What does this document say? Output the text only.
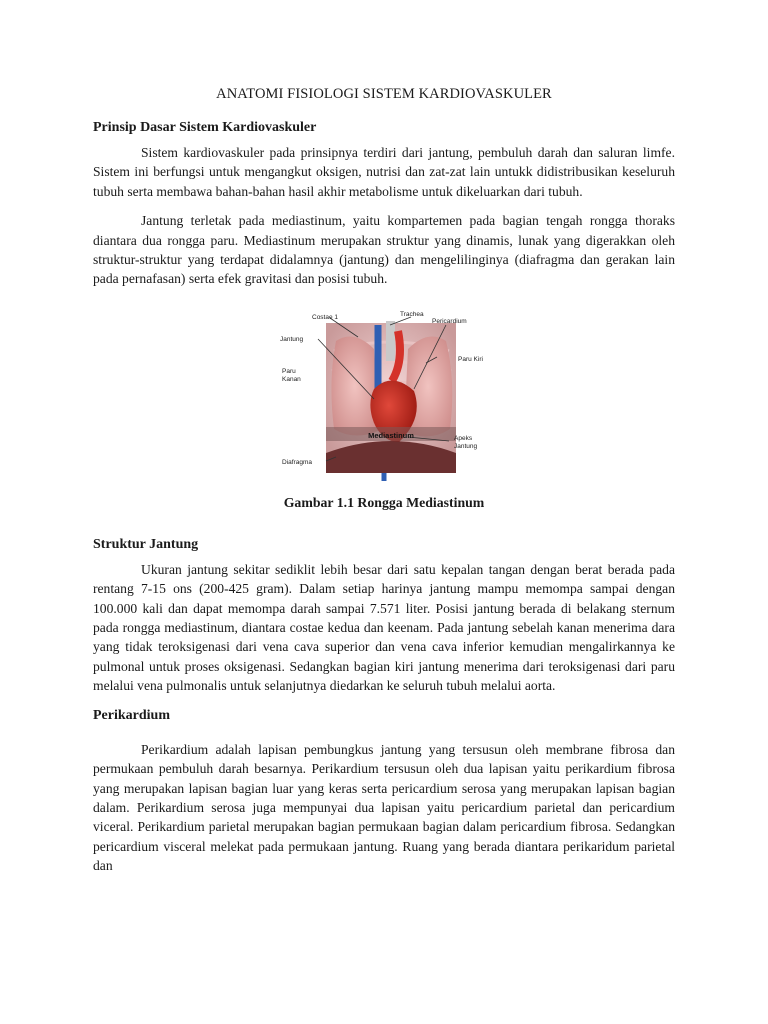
ANATOMI FISIOLOGI SISTEM KARDIOVASKULER
Prinsip Dasar Sistem Kardiovaskuler

Sistem kardiovaskuler pada prinsipnya terdiri dari jantung, pembuluh darah dan saluran limfe. Sistem ini berfungsi untuk mengangkut oksigen, nutrisi dan zat-zat lain untukk didistribusikan keseluruh tubuh serta membawa bahan-bahan hasil akhir metabolisme untuk dikeluarkan dari tubuh.

Jantung terletak pada mediastinum, yaitu kompartemen pada bagian tengah rongga thoraks diantara dua rongga paru. Mediastinum merupakan struktur yang dinamis, lunak yang digerakkan oleh struktur-struktur yang terdapat didalamnya (jantung) dan mengelilinginya (diafragma dan gerakan lain pada pernafasan) serta efek gravitasi dan posisi tubuh.

Costae 1	Trachea
Pericardium
Jantung
Paru
Kanan
Paru Kiri
Apeks
Jantung
Diafragma
Mediastinum
Gambar 1.1 Rongga Mediastinum
Struktur Jantung

Ukuran jantung sekitar sediklit lebih besar dari satu kepalan tangan dengan berat berada pada rentang 7-15 ons (200-425 gram). Dalam setiap harinya jantung mampu memompa sampai dengan 100.000 kali dan dapat memompa darah sampai 7.571 liter. Posisi jantung berada di belakang sternum pada rongga mediastinum, diantara costae kedua dan keenam. Pada jantung sebelah kanan menerima dara yang tidak teroksigenasi dari vena cava superior dan vena cava inferior kemudian mengalirkannya ke pulmonal untuk proses oksigenasi. Sedangkan bagian kiri jantung menerima dari teroksigenasi dari paru melalui vena pulmonalis untuk selanjutnya diedarkan ke seluruh tubuh melalui aorta.

Perikardium

Perikardium adalah lapisan pembungkus jantung yang tersusun oleh membrane fibrosa dan permukaan pembuluh darah besarnya. Perikardium tersusun oleh dua lapisan yaitu perikardium fibrosa yang merupakan lapisan bagian luar yang keras serta pericardium serosa yang merupakan lapisan bagian dalam. Perikardium serosa juga mempunyai dua lapisan yaitu pericardium parietal dan pericardium viceral. Perikardium parietal merupakan bagian permukaan bagian dalam pericardium fibrosa. Sedangkan pericardium visceral melekat pada permukaan jantung. Ruang yang berada diantara perikaridum parietal dan
